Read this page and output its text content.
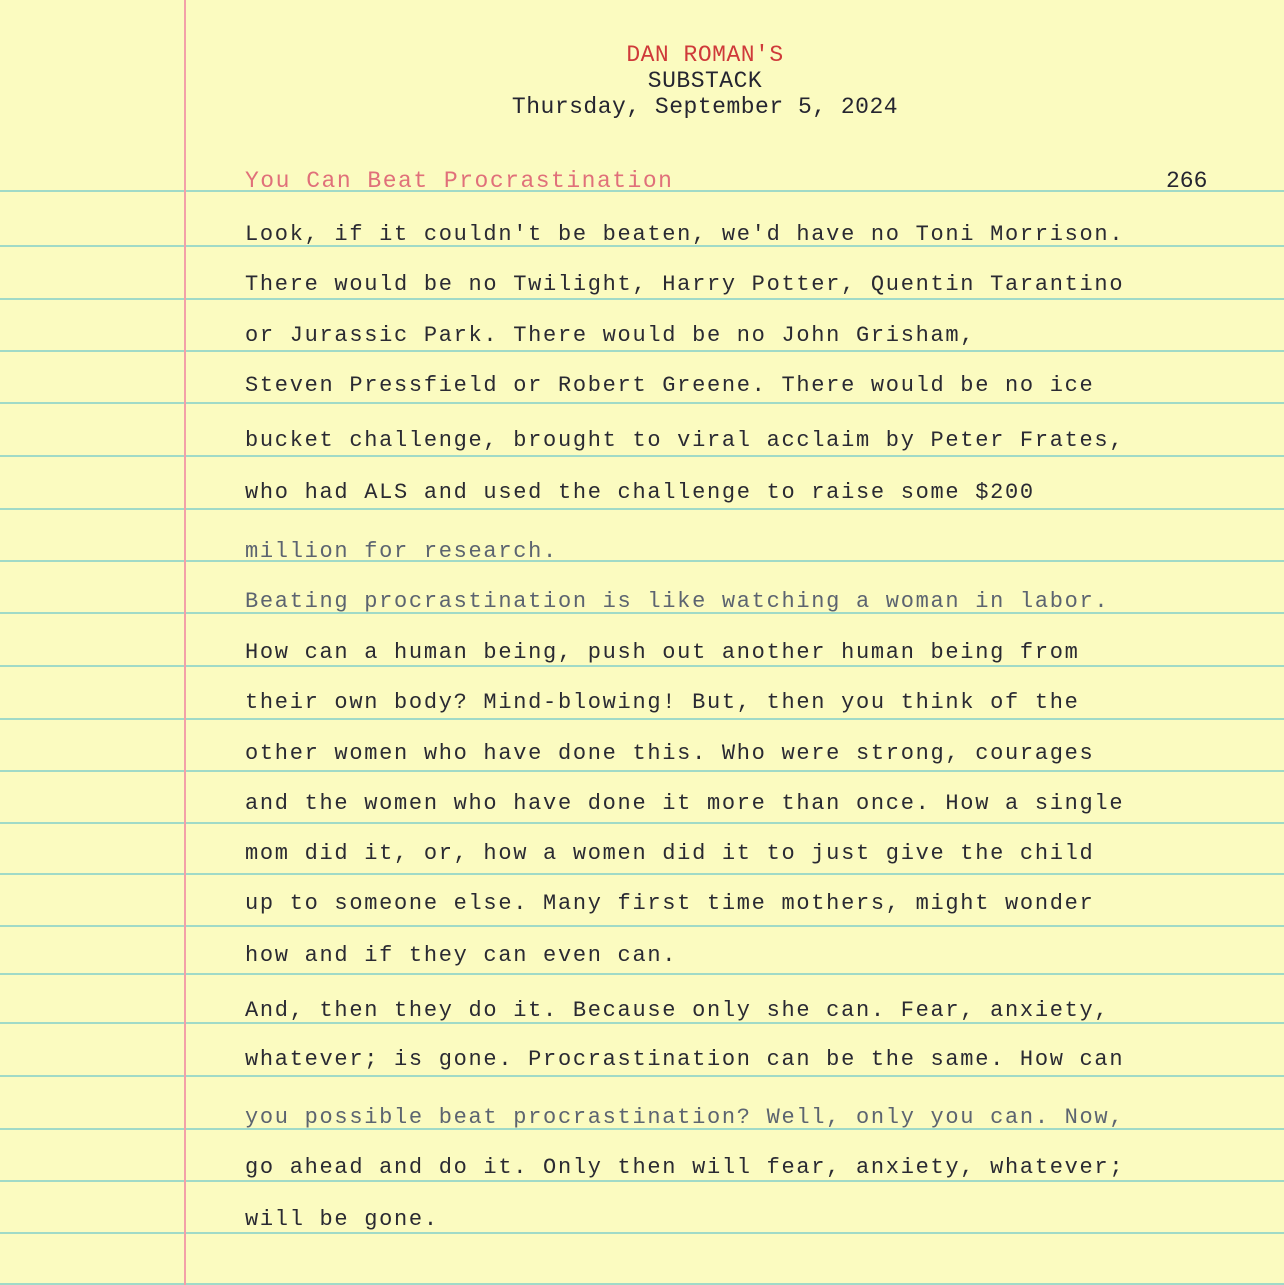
DAN ROMAN'S
SUBSTACK
Thursday, September 5, 2024
You Can Beat Procrastination	266
Look, if it couldn't be beaten, we'd have no Toni Morrison.
There would be no Twilight, Harry Potter, Quentin Tarantino
or Jurassic Park. There would be no John Grisham,
Steven Pressfield or Robert Greene. There would be no ice
bucket challenge, brought to viral acclaim by Peter Frates,
who had ALS and used the challenge to raise some $200
million for research.
Beating procrastination is like watching a woman in labor.
How can a human being, push out another human being from
their own body? Mind-blowing! But, then you think of the
other women who have done this. Who were strong, courages
and the women who have done it more than once. How a single
mom did it, or, how a women did it to just give the child
up to someone else. Many first time mothers, might wonder
how and if they can even can.
And, then they do it. Because only she can. Fear, anxiety,
whatever; is gone. Procrastination can be the same. How can
you possible beat procrastination? Well, only you can. Now,
go ahead and do it. Only then will fear, anxiety, whatever;
will be gone.
